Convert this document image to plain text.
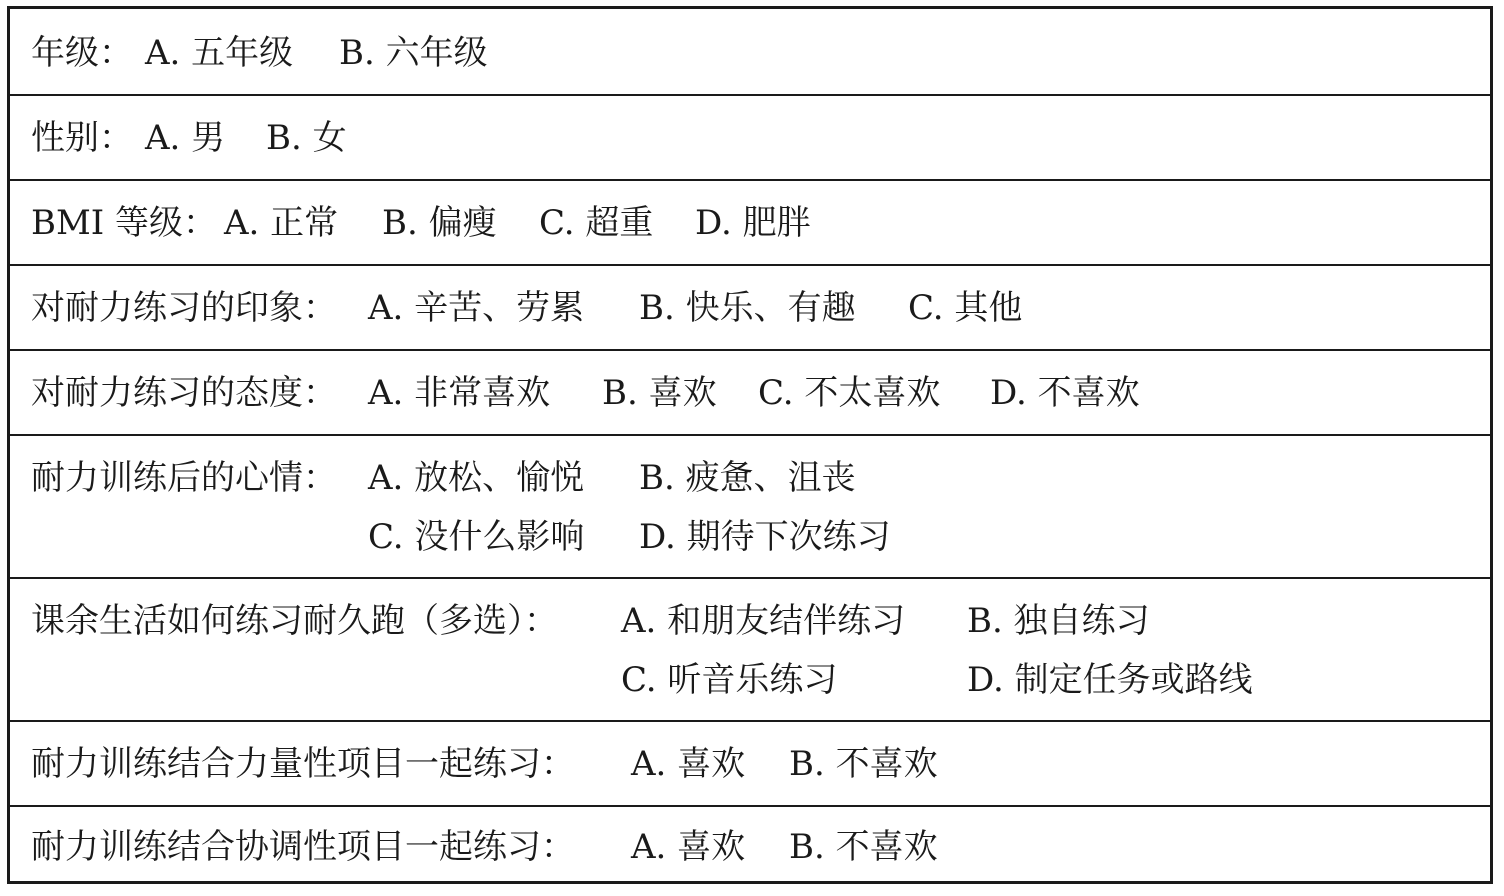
年级： A. 五年级 B. 六年级
性别： A. 男 B. 女
BMI 等级： A. 正常 B. 偏瘦 C. 超重 D. 肥胖
对耐力练习的印象： A. 辛苦、劳累 B. 快乐、有趣 C. 其他
对耐力练习的态度： A. 非常喜欢 B. 喜欢 C. 不太喜欢 D. 不喜欢
耐力训练后的心情： A. 放松、愉悦 B. 疲惫、沮丧
C. 没什么影响 D. 期待下次练习
课余生活如何练习耐久跑（多选）： A. 和朋友结伴练习 B. 独自练习
C. 听音乐练习	D. 制定任务或路线
耐力训练结合力量性项目一起练习： A. 喜欢 B. 不喜欢
耐力训练结合协调性项目一起练习： A. 喜欢 B. 不喜欢
